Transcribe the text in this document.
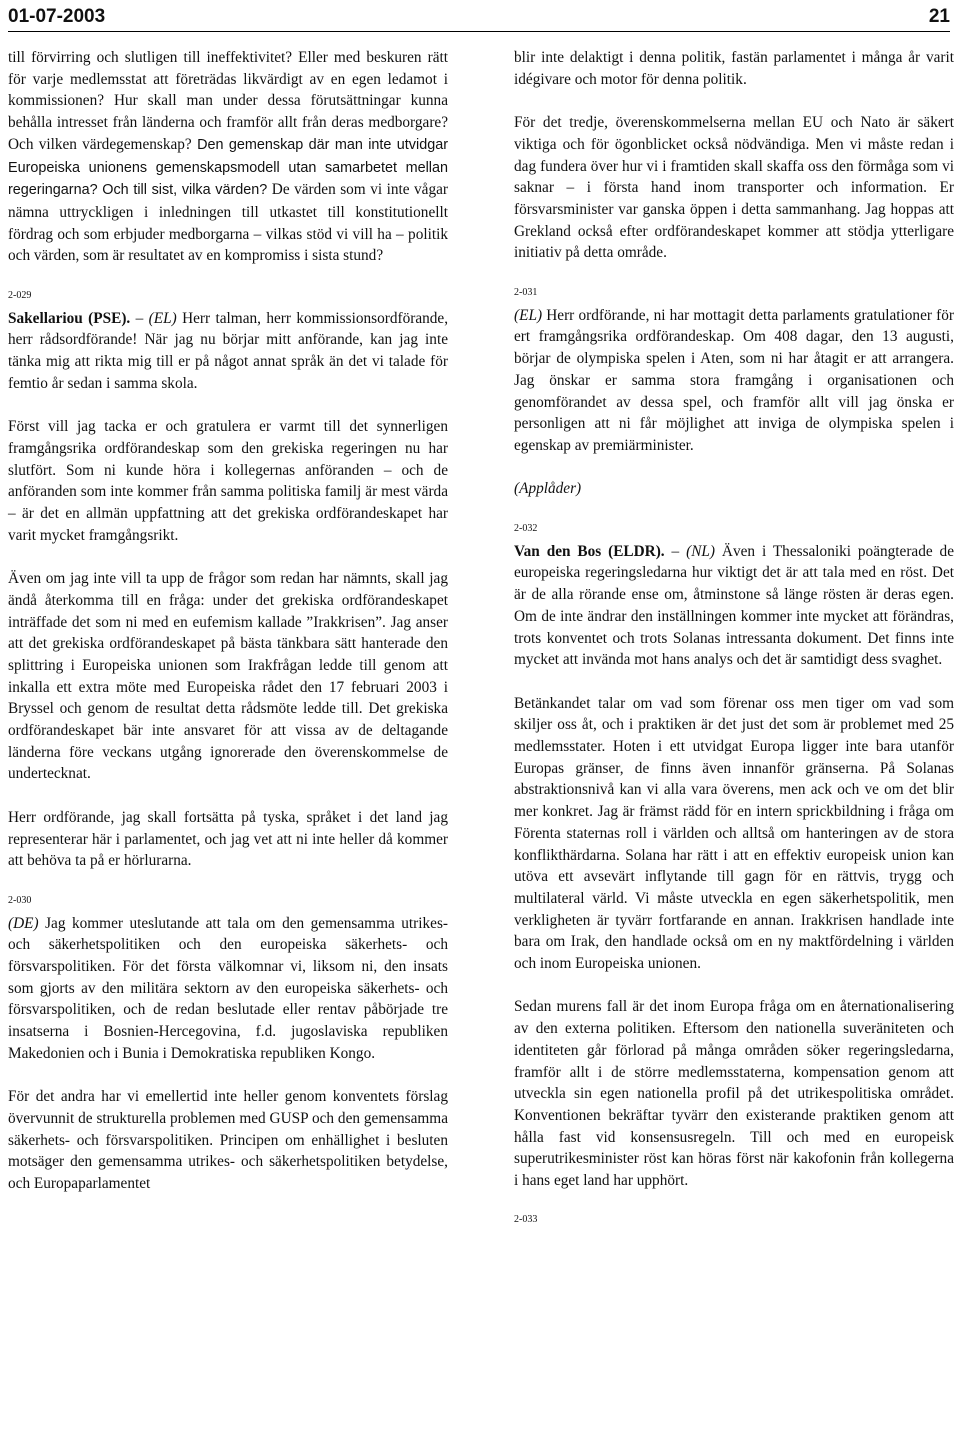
01-07-2003	21

till förvirring och slutligen till ineffektivitet? Eller med beskuren rätt för varje medlemsstat att företrädas likvärdigt av en egen ledamot i kommissionen? Hur skall man under dessa förutsättningar kunna behålla intresset från länderna och framför allt från deras medborgare? Och vilken värdegemenskap? Den gemenskap där man inte utvidgar Europeiska unionens gemenskapsmodell utan samarbetet mellan regeringarna? Och till sist, vilka värden? De värden som vi inte vågar nämna uttryckligen i inledningen till utkastet till konstitutionellt fördrag och som erbjuder medborgarna – vilkas stöd vi vill ha – politik och värden, som är resultatet av en kompromiss i sista stund?

2-029

Sakellariou (PSE). – (EL) Herr talman, herr kommissionsordförande, herr rådsordförande! När jag nu börjar mitt anförande, kan jag inte tänka mig att rikta mig till er på något annat språk än det vi talade för femtio år sedan i samma skola.

Först vill jag tacka er och gratulera er varmt till det synnerligen framgångsrika ordförandeskap som den grekiska regeringen nu har slutfört. Som ni kunde höra i kollegernas anföranden – och de anföranden som inte kommer från samma politiska familj är mest värda – är det en allmän uppfattning att det grekiska ordförandeskapet har varit mycket framgångsrikt.

Även om jag inte vill ta upp de frågor som redan har nämnts, skall jag ändå återkomma till en fråga: under det grekiska ordförandeskapet inträffade det som ni med en eufemism kallade ”Irakkrisen”. Jag anser att det grekiska ordförandeskapet på bästa tänkbara sätt hanterade den splittring i Europeiska unionen som Irakfrågan ledde till genom att inkalla ett extra möte med Europeiska rådet den 17 februari 2003 i Bryssel och genom de resultat detta rådsmöte ledde till. Det grekiska ordförandeskapet bär inte ansvaret för att vissa av de deltagande länderna före veckans utgång ignorerade den överenskommelse de undertecknat.

Herr ordförande, jag skall fortsätta på tyska, språket i det land jag representerar här i parlamentet, och jag vet att ni inte heller då kommer att behöva ta på er hörlurarna.

2-030

(DE) Jag kommer uteslutande att tala om den gemensamma utrikes- och säkerhetspolitiken och den europeiska säkerhets- och försvarspolitiken. För det första välkomnar vi, liksom ni, den insats som gjorts av den militära sektorn av den europeiska säkerhets- och försvarspolitiken, och de redan beslutade eller rentav påbörjade tre insatserna i Bosnien-Hercegovina, f.d. jugoslaviska republiken Makedonien och i Bunia i Demokratiska republiken Kongo.

För det andra har vi emellertid inte heller genom konventets förslag övervunnit de strukturella problemen med GUSP och den gemensamma säkerhets- och försvarspolitiken. Principen om enhällighet i besluten motsäger den gemensamma utrikes- och säkerhetspolitiken betydelse, och Europaparlamentet

blir inte delaktigt i denna politik, fastän parlamentet i många år varit idégivare och motor för denna politik.

För det tredje, överenskommelserna mellan EU och Nato är säkert viktiga och för ögonblicket också nödvändiga. Men vi måste redan i dag fundera över hur vi i framtiden skall skaffa oss den förmåga som vi saknar – i första hand inom transporter och information. Er försvarsminister var ganska öppen i detta sammanhang. Jag hoppas att Grekland också efter ordförandeskapet kommer att stödja ytterligare initiativ på detta område.

2-031

(EL) Herr ordförande, ni har mottagit detta parlaments gratulationer för ert framgångsrika ordförandeskap. Om 408 dagar, den 13 augusti, börjar de olympiska spelen i Aten, som ni har åtagit er att arrangera. Jag önskar er samma stora framgång i organisationen och genomförandet av dessa spel, och framför allt vill jag önska er personligen att ni får möjlighet att inviga de olympiska spelen i egenskap av premiärminister.

(Applåder)

2-032

Van den Bos (ELDR). – (NL) Även i Thessaloniki poängterade de europeiska regeringsledarna hur viktigt det är att tala med en röst. Det är de alla rörande ense om, åtminstone så länge rösten är deras egen. Om de inte ändrar den inställningen kommer inte mycket att förändras, trots konventet och trots Solanas intressanta dokument. Det finns inte mycket att invända mot hans analys och det är samtidigt dess svaghet.

Betänkandet talar om vad som förenar oss men tiger om vad som skiljer oss åt, och i praktiken är det just det som är problemet med 25 medlemsstater. Hoten i ett utvidgat Europa ligger inte bara utanför Europas gränser, de finns även innanför gränserna. På Solanas abstraktionsnivå kan vi alla vara överens, men ack och ve om det blir mer konkret. Jag är främst rädd för en intern sprickbildning i fråga om Förenta staternas roll i världen och alltså om hanteringen av de stora konflikthärdarna. Solana har rätt i att en effektiv europeisk union kan utöva ett avsevärt inflytande till gagn för en rättvis, trygg och multilateral värld. Vi måste utveckla en egen säkerhetspolitik, men verkligheten är tyvärr fortfarande en annan. Irakkrisen handlade inte bara om Irak, den handlade också om en ny maktfördelning i världen och inom Europeiska unionen.

Sedan murens fall är det inom Europa fråga om en åternationalisering av den externa politiken. Eftersom den nationella suveräniteten och identiteten går förlorad på många områden söker regeringsledarna, framför allt i de större medlemsstaterna, kompensation genom att utveckla sin egen nationella profil på det utrikespolitiska området. Konventionen bekräftar tyvärr den existerande praktiken genom att hålla fast vid konsensusregeln. Till och med en europeisk superutrikesminister röst kan höras först när kakofonin från kollegerna i hans eget land har upphört.

2-033
